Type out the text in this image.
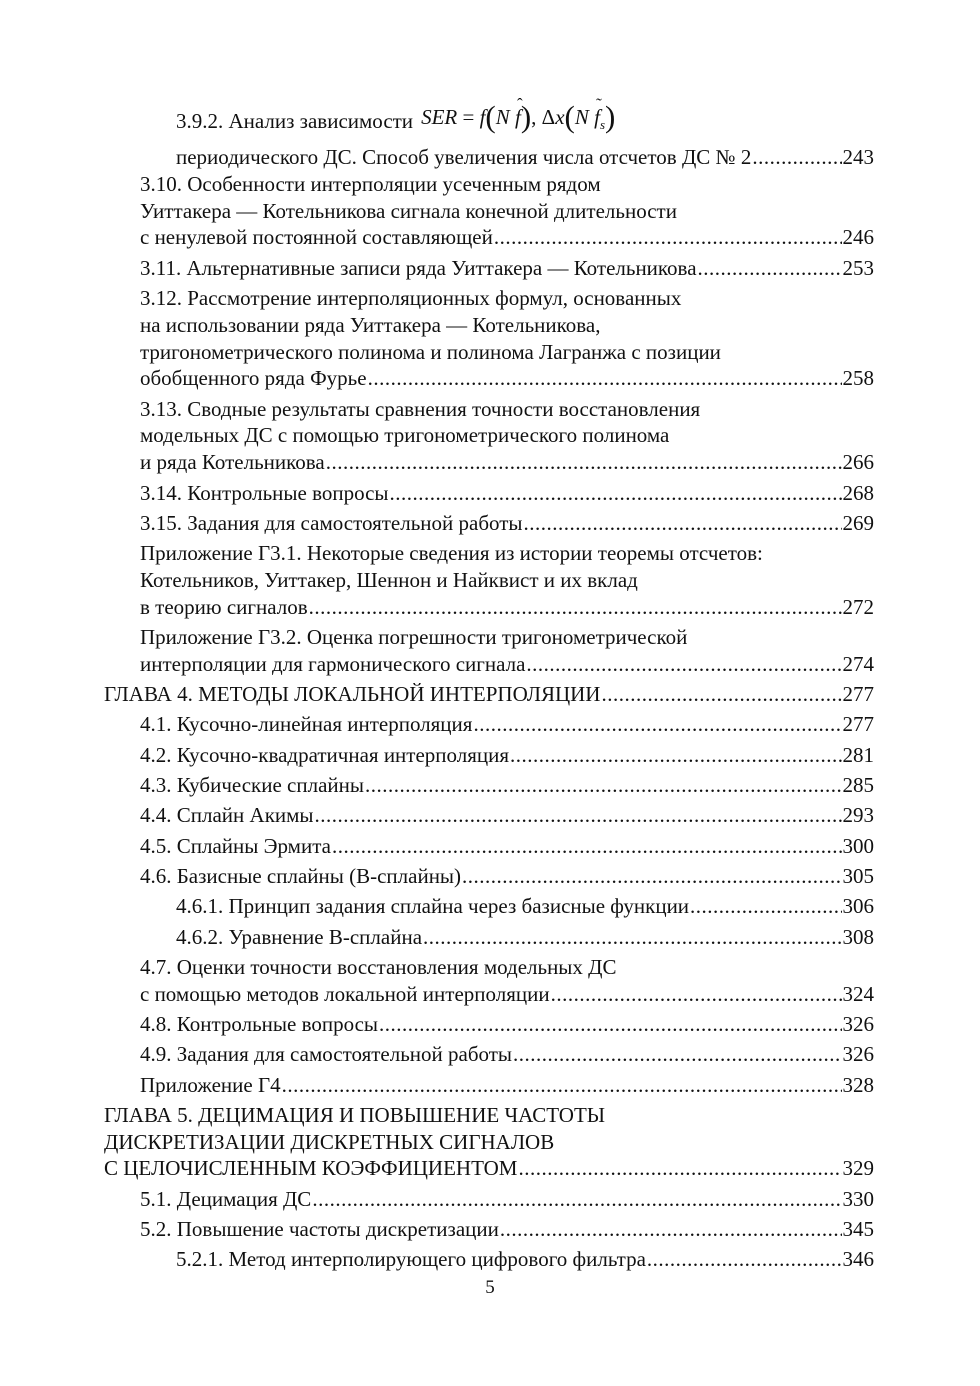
3.9.2. Анализ зависимости SER = f(N ˆ f), Δx(N ˜ $f_s$)
периодического ДС. Способ увеличения числа отсчетов ДС № 2 .....	243
3.10. Особенности интерполяции усеченным рядом
Уиттакера — Котельникова сигнала конечной длительности
с ненулевой постоянной составляющей .....	246
3.11. Альтернативные записи ряда Уиттакера — Котельникова .....	253
3.12. Рассмотрение интерполяционных формул, основанных
на использовании ряда Уиттакера — Котельникова,
тригонометрического полинома и полинома Лагранжа с позиции
обобщенного ряда Фурье .....	258
3.13. Сводные результаты сравнения точности восстановления
модельных ДС с помощью тригонометрического полинома
и ряда Котельникова .....	266
3.14. Контрольные вопросы .....	268
3.15. Задания для самостоятельной работы .....	269
Приложение Г3.1. Некоторые сведения из истории теоремы отсчетов:
Котельников, Уиттакер, Шеннон и Найквист и их вклад
в теорию сигналов .....	272
Приложение Г3.2. Оценка погрешности тригонометрической
интерполяции для гармонического сигнала .....	274
ГЛАВА 4. МЕТОДЫ ЛОКАЛЬНОЙ ИНТЕРПОЛЯЦИИ .....	277
4.1. Кусочно-линейная интерполяция .....	277
4.2. Кусочно-квадратичная интерполяция .....	281
4.3. Кубические сплайны .....	285
4.4. Сплайн Акимы .....	293
4.5. Сплайны Эрмита .....	300
4.6. Базисные сплайны (B-сплайны) .....	305
4.6.1. Принцип задания сплайна через базисные функции .....	306
4.6.2. Уравнение B-сплайна .....	308
4.7. Оценки точности восстановления модельных ДС
с помощью методов локальной интерполяции .....	324
4.8. Контрольные вопросы .....	326
4.9. Задания для самостоятельной работы .....	326
Приложение Г4 .....	328
ГЛАВА 5. ДЕЦИМАЦИЯ И ПОВЫШЕНИЕ ЧАСТОТЫ
ДИСКРЕТИЗАЦИИ ДИСКРЕТНЫХ СИГНАЛОВ
С ЦЕЛОЧИСЛЕННЫМ КОЭФФИЦИЕНТОМ .....	329
5.1. Децимация ДС .....	330
5.2. Повышение частоты дискретизации .....	345
5.2.1. Метод интерполирующего цифрового фильтра .....	346
5
